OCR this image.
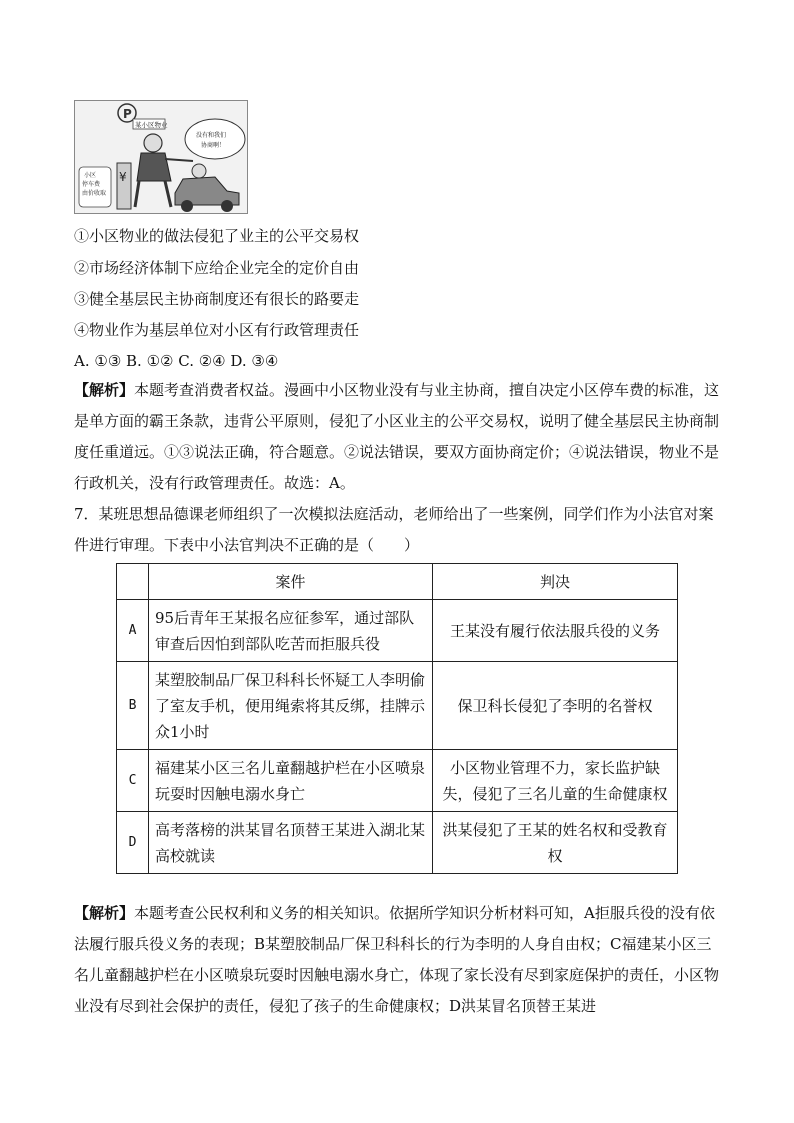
P
某小区物业
¥
小区
停车费
由价收取
没有和我们
协商啊！
①小区物业的做法侵犯了业主的公平交易权
②市场经济体制下应给企业完全的定价自由
③健全基层民主协商制度还有很长的路要走
④物业作为基层单位对小区有行政管理责任
A. ①③ B. ①② C. ②④ D. ③④
【解析】本题考查消费者权益。漫画中小区物业没有与业主协商，擅自决定小区停车费的标准，这是单方面的霸王条款，违背公平原则，侵犯了小区业主的公平交易权，说明了健全基层民主协商制度任重道远。①③说法正确，符合题意。②说法错误，要双方面协商定价；④说法错误，物业不是行政机关，没有行政管理责任。故选：A。
7．某班思想品德课老师组织了一次模拟法庭活动，老师给出了一些案例，同学们作为小法官对案件进行审理。下表中小法官判决不正确的是（　　）
	案件	判决
A	95后青年王某报名应征参军，通过部队审查后因怕到部队吃苦而拒服兵役	王某没有履行依法服兵役的义务
B	某塑胶制品厂保卫科科长怀疑工人李明偷了室友手机，便用绳索将其反绑，挂牌示众1小时	保卫科长侵犯了李明的名誉权
C	福建某小区三名儿童翻越护栏在小区喷泉玩耍时因触电溺水身亡	小区物业管理不力，家长监护缺失，侵犯了三名儿童的生命健康权
D	高考落榜的洪某冒名顶替王某进入湖北某高校就读	洪某侵犯了王某的姓名权和受教育权
【解析】本题考查公民权利和义务的相关知识。依据所学知识分析材料可知，A拒服兵役的没有依法履行服兵役义务的表现；B某塑胶制品厂保卫科科长的行为李明的人身自由权；C福建某小区三名儿童翻越护栏在小区喷泉玩耍时因触电溺水身亡，体现了家长没有尽到家庭保护的责任，小区物业没有尽到社会保护的责任，侵犯了孩子的生命健康权；D洪某冒名顶替王某进
